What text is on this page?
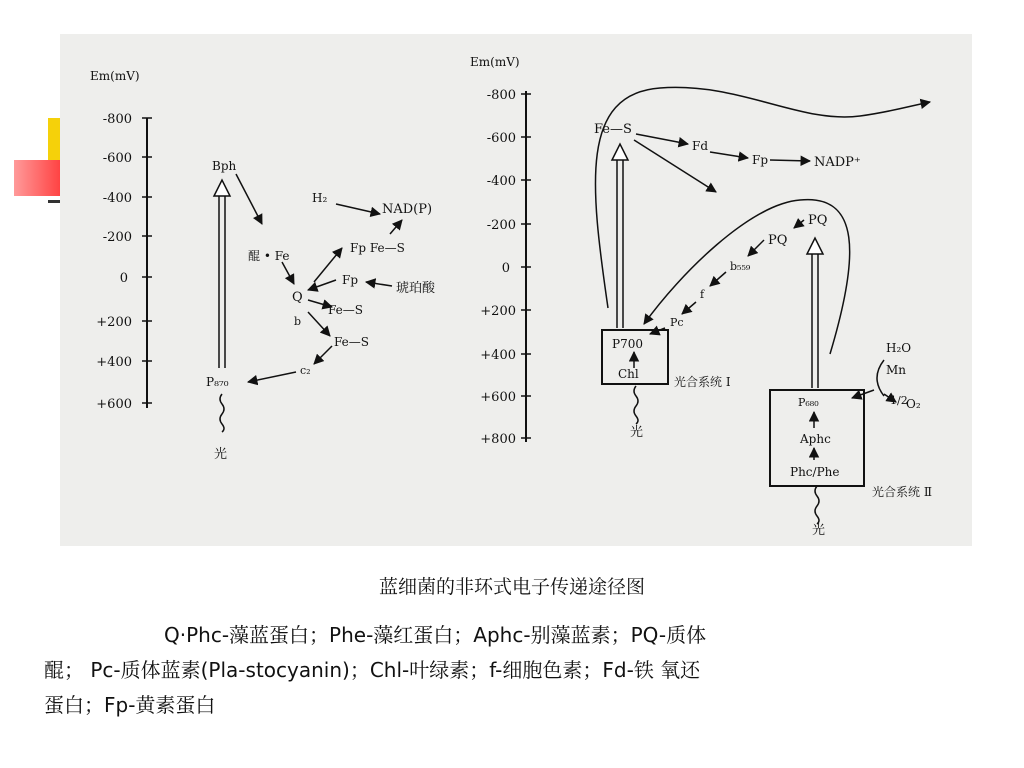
Em(mV)
-800
-600
-400
-200
0
+200
+400
+600
Bph
醌 • Fe
Q
b
H₂
NAD(P)
Fp Fe—S
Fp
琥珀酸
Fe—S
Fe—S
c₂
P₈₇₀
光
Em(mV)
-800
-600
-400
-200
0
+200
+400
+600
+800
Fe—S
Fd
Fp	NADP⁺
PQ
PQ
b₅₅₉
f
Pc
P700
Chl
光合系统 I
光
P₆₈₀
Aphc
Phc/Phe
光合系统 Ⅱ
光
H₂O
Mn
1/2
O₂
蓝细菌的非环式电子传递途径图
Q·Phc-藻蓝蛋白；Phe-藻红蛋白；Aphc-别藻蓝素；PQ-质体
醌； Pc-质体蓝素(Pla-stocyanin)；Chl-叶绿素；f-细胞色素；Fd-铁 氧还
蛋白；Fp-黄素蛋白
